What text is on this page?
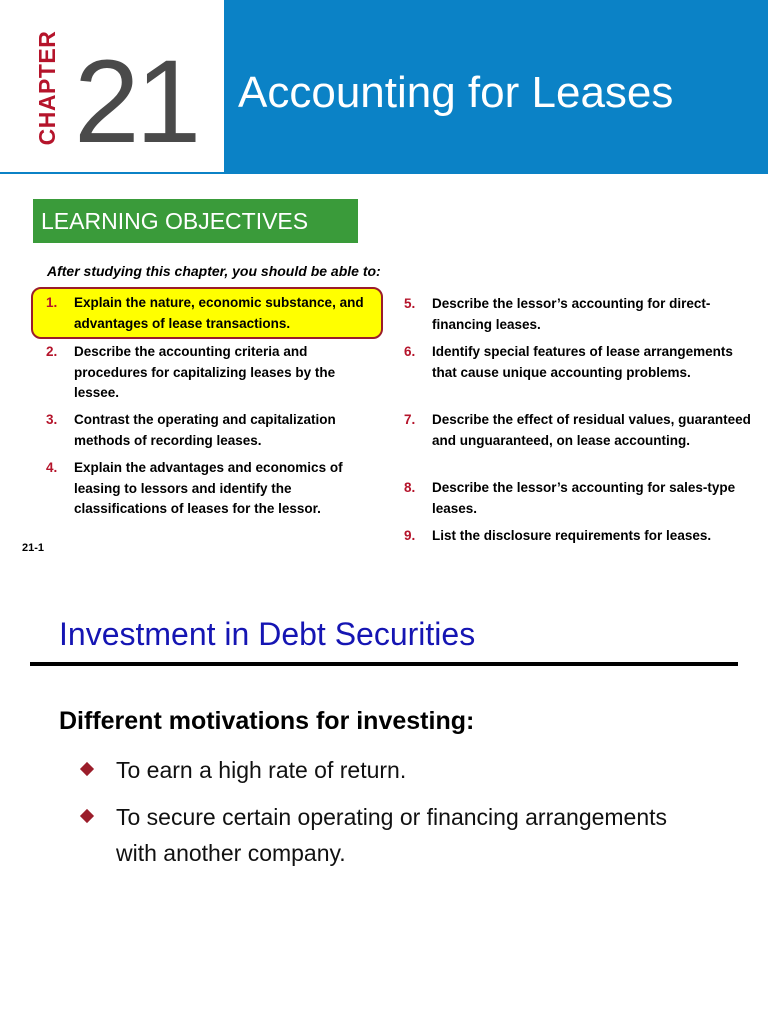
CHAPTER 21 Accounting for Leases
LEARNING OBJECTIVES
After studying this chapter, you should be able to:
1.	Explain the nature, economic substance, and advantages of lease transactions.
2.	Describe the accounting criteria and procedures for capitalizing leases by the lessee.
3.	Contrast the operating and capitalization methods of recording leases.
4.	Explain the advantages and economics of leasing to lessors and identify the classifications of leases for the lessor.
5.	Describe the lessor’s accounting for direct-financing leases.
6.	Identify special features of lease arrangements that cause unique accounting problems.
7.	Describe the effect of residual values, guaranteed and unguaranteed, on lease accounting.
8.	Describe the lessor’s accounting for sales-type leases.
9.	List the disclosure requirements for leases.
21-1
Investment in Debt Securities
Different motivations for investing:
To earn a high rate of return.
To secure certain operating or financing arrangements with another company.
